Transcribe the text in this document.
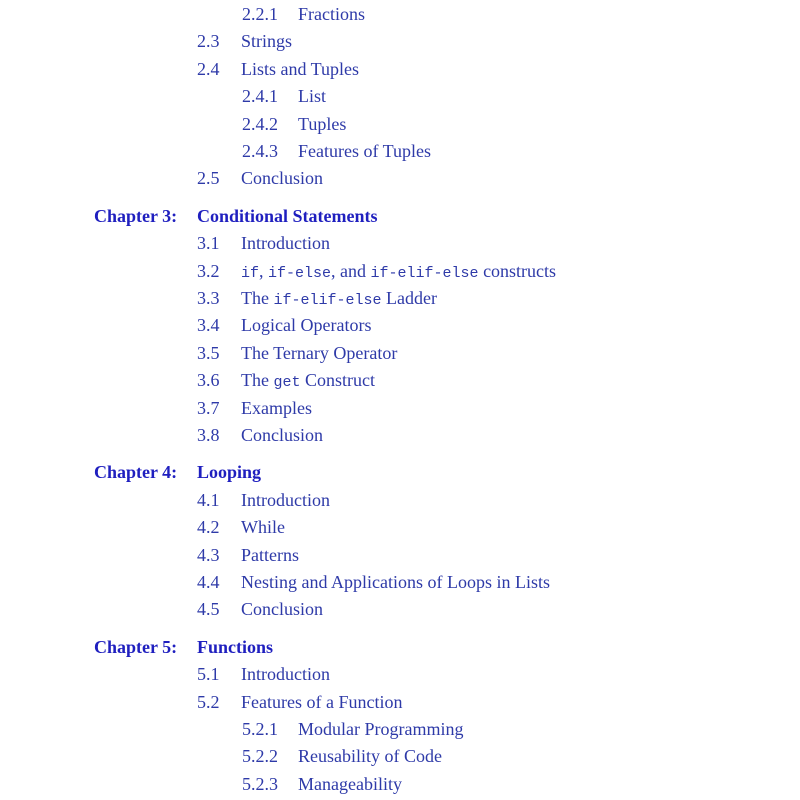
2.2.1 Fractions
2.3 Strings
2.4 Lists and Tuples
2.4.1 List
2.4.2 Tuples
2.4.3 Features of Tuples
2.5 Conclusion
Chapter 3: Conditional Statements
3.1 Introduction
3.2 if, if-else, and if-elif-else constructs
3.3 The if-elif-else Ladder
3.4 Logical Operators
3.5 The Ternary Operator
3.6 The get Construct
3.7 Examples
3.8 Conclusion
Chapter 4: Looping
4.1 Introduction
4.2 While
4.3 Patterns
4.4 Nesting and Applications of Loops in Lists
4.5 Conclusion
Chapter 5: Functions
5.1 Introduction
5.2 Features of a Function
5.2.1 Modular Programming
5.2.2 Reusability of Code
5.2.3 Manageability
